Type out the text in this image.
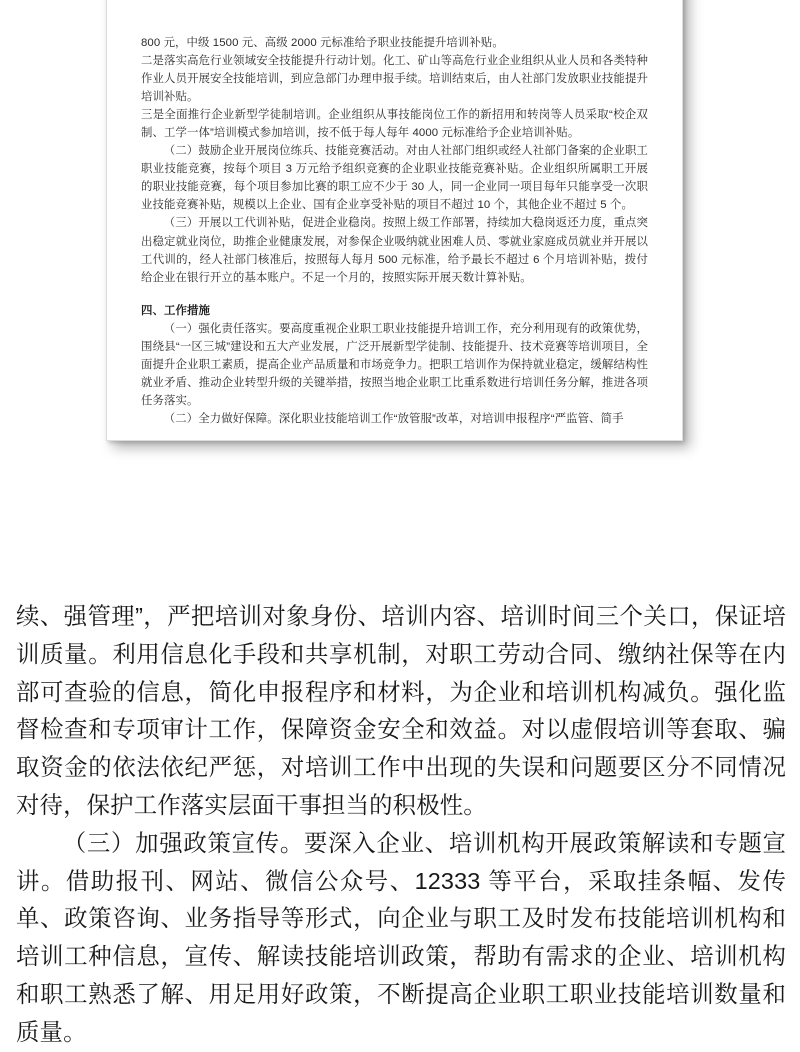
800 元，中级 1500 元、高级 2000 元标准给予职业技能提升培训补贴。

二是落实高危行业领域安全技能提升行动计划。化工、矿山等高危行业企业组织从业人员和各类特种作业人员开展安全技能培训，到应急部门办理申报手续。培训结束后，由人社部门发放职业技能提升培训补贴。

三是全面推行企业新型学徒制培训。企业组织从事技能岗位工作的新招用和转岗等人员采取“校企双制、工学一体”培训模式参加培训，按不低于每人每年 4000 元标准给予企业培训补贴。

（二）鼓励企业开展岗位练兵、技能竞赛活动。对由人社部门组织或经人社部门备案的企业职工职业技能竞赛，按每个项目 3 万元给予组织竞赛的企业职业技能竞赛补贴。企业组织所属职工开展的职业技能竞赛，每个项目参加比赛的职工应不少于 30 人，同一企业同一项目每年只能享受一次职业技能竞赛补贴，规模以上企业、国有企业享受补贴的项目不超过 10 个，其他企业不超过 5 个。

（三）开展以工代训补贴，促进企业稳岗。按照上级工作部署，持续加大稳岗返还力度，重点突出稳定就业岗位，助推企业健康发展，对参保企业吸纳就业困难人员、零就业家庭成员就业并开展以工代训的，经人社部门核准后，按照每人每月 500 元标准，给予最长不超过 6 个月培训补贴，拨付给企业在银行开立的基本账户。不足一个月的，按照实际开展天数计算补贴。

四、工作措施

（一）强化责任落实。要高度重视企业职工职业技能提升培训工作，充分利用现有的政策优势，围绕县“一区三城”建设和五大产业发展，广泛开展新型学徒制、技能提升、技术竞赛等培训项目，全面提升企业职工素质，提高企业产品质量和市场竞争力。把职工培训作为保持就业稳定，缓解结构性就业矛盾、推动企业转型升级的关键举措，按照当地企业职工比重系数进行培训任务分解，推进各项任务落实。

（二）全力做好保障。深化职业技能培训工作“放管服”改革，对培训申报程序“严监管、简手

续、强管理”，严把培训对象身份、培训内容、培训时间三个关口，保证培训质量。利用信息化手段和共享机制，对职工劳动合同、缴纳社保等在内部可查验的信息，简化申报程序和材料，为企业和培训机构减负。强化监督检查和专项审计工作，保障资金安全和效益。对以虚假培训等套取、骗取资金的依法依纪严惩，对培训工作中出现的失误和问题要区分不同情况对待，保护工作落实层面干事担当的积极性。

（三）加强政策宣传。要深入企业、培训机构开展政策解读和专题宣讲。借助报刊、网站、微信公众号、12333 等平台，采取挂条幅、发传单、政策咨询、业务指导等形式，向企业与职工及时发布技能培训机构和培训工种信息，宣传、解读技能培训政策，帮助有需求的企业、培训机构和职工熟悉了解、用足用好政策，不断提高企业职工职业技能培训数量和质量。
